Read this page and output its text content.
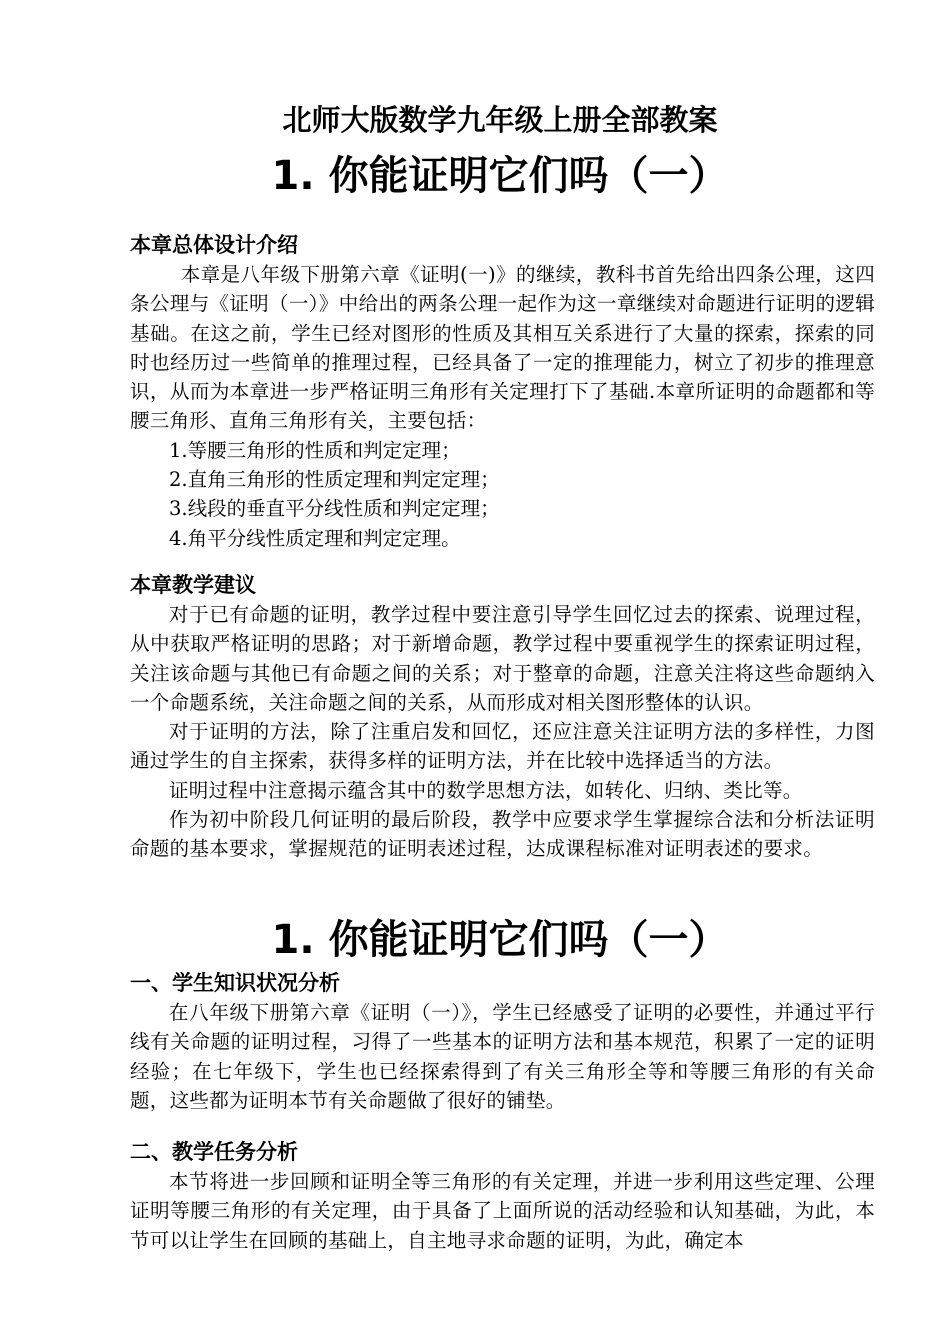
北师大版数学九年级上册全部教案
1. 你能证明它们吗（一）
本章总体设计介绍

本章是八年级下册第六章《证明(一)》的继续，教科书首先给出四条公理，这四条公理与《证明（一）》中给出的两条公理一起作为这一章继续对命题进行证明的逻辑基础。在这之前，学生已经对图形的性质及其相互关系进行了大量的探索，探索的同时也经历过一些简单的推理过程，已经具备了一定的推理能力，树立了初步的推理意识，从而为本章进一步严格证明三角形有关定理打下了基础.本章所证明的命题都和等腰三角形、直角三角形有关，主要包括：

1.等腰三角形的性质和判定定理；
2.直角三角形的性质定理和判定定理；
3.线段的垂直平分线性质和判定定理；
4.角平分线性质定理和判定定理。
本章教学建议

对于已有命题的证明，教学过程中要注意引导学生回忆过去的探索、说理过程，从中获取严格证明的思路；对于新增命题，教学过程中要重视学生的探索证明过程，关注该命题与其他已有命题之间的关系；对于整章的命题，注意关注将这些命题纳入一个命题系统，关注命题之间的关系，从而形成对相关图形整体的认识。

对于证明的方法，除了注重启发和回忆，还应注意关注证明方法的多样性，力图通过学生的自主探索，获得多样的证明方法，并在比较中选择适当的方法。

证明过程中注意揭示蕴含其中的数学思想方法，如转化、归纳、类比等。

作为初中阶段几何证明的最后阶段，教学中应要求学生掌握综合法和分析法证明命题的基本要求，掌握规范的证明表述过程，达成课程标准对证明表述的要求。

1. 你能证明它们吗（一）
一、学生知识状况分析

在八年级下册第六章《证明（一）》，学生已经感受了证明的必要性，并通过平行线有关命题的证明过程，习得了一些基本的证明方法和基本规范，积累了一定的证明经验；在七年级下，学生也已经探索得到了有关三角形全等和等腰三角形的有关命题，这些都为证明本节有关命题做了很好的铺垫。

二、教学任务分析

本节将进一步回顾和证明全等三角形的有关定理，并进一步利用这些定理、公理证明等腰三角形的有关定理，由于具备了上面所说的活动经验和认知基础，为此，本节可以让学生在回顾的基础上，自主地寻求命题的证明，为此，确定本
